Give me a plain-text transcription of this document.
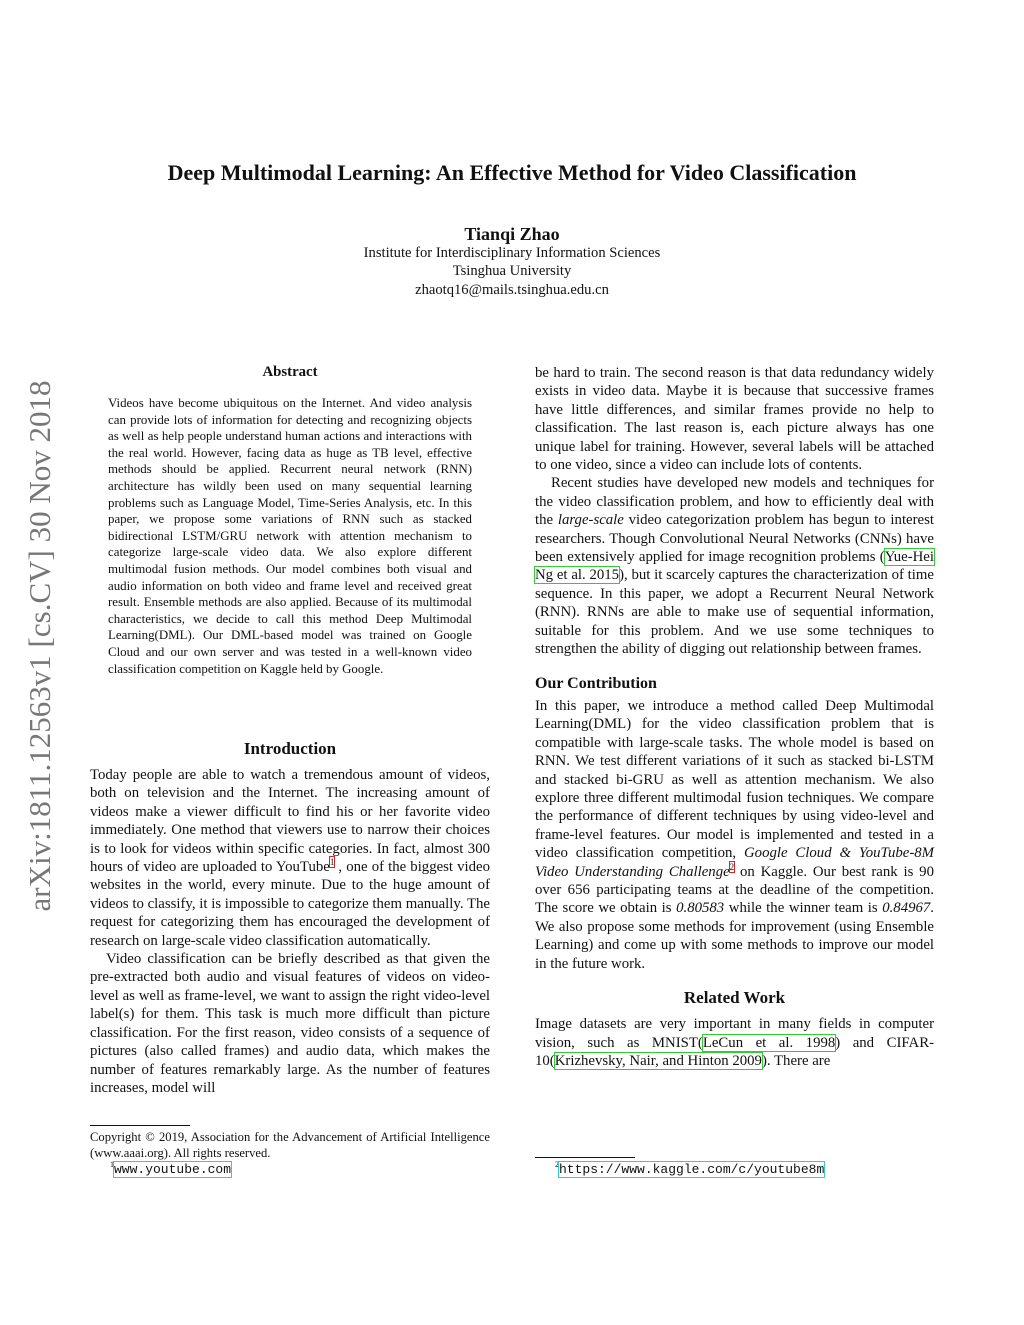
arXiv:1811.12563v1 [cs.CV] 30 Nov 2018
Deep Multimodal Learning: An Effective Method for Video Classification
Tianqi Zhao
Institute for Interdisciplinary Information Sciences
Tsinghua University
zhaotq16@mails.tsinghua.edu.cn
Abstract
Videos have become ubiquitous on the Internet. And video analysis can provide lots of information for detecting and recognizing objects as well as help people understand human actions and interactions with the real world. However, facing data as huge as TB level, effective methods should be applied. Recurrent neural network (RNN) architecture has wildly been used on many sequential learning problems such as Language Model, Time-Series Analysis, etc. In this paper, we propose some variations of RNN such as stacked bidirectional LSTM/GRU network with attention mechanism to categorize large-scale video data. We also explore different multimodal fusion methods. Our model combines both visual and audio information on both video and frame level and received great result. Ensemble methods are also applied. Because of its multimodal characteristics, we decide to call this method Deep Multimodal Learning(DML). Our DML-based model was trained on Google Cloud and our own server and was tested in a well-known video classification competition on Kaggle held by Google.
Introduction

Today people are able to watch a tremendous amount of videos, both on television and the Internet. The increasing amount of videos make a viewer difficult to find his or her favorite video immediately. One method that viewers use to narrow their choices is to look for videos within specific categories. In fact, almost 300 hours of video are uploaded to YouTube$^1$ , one of the biggest video websites in the world, every minute. Due to the huge amount of videos to classify, it is impossible to categorize them manually. The request for categorizing them has encouraged the development of research on large-scale video classification automatically.

Video classification can be briefly described as that given the pre-extracted both audio and visual features of videos on video-level as well as frame-level, we want to assign the right video-level label(s) for them. This task is much more difficult than picture classification. For the first reason, video consists of a sequence of pictures (also called frames) and audio data, which makes the number of features remarkably large. As the number of features increases, model will

Copyright © 2019, Association for the Advancement of Artificial Intelligence (www.aaai.org). All rights reserved.
$^1$www.youtube.com

be hard to train. The second reason is that data redundancy widely exists in video data. Maybe it is because that successive frames have little differences, and similar frames provide no help to classification. The last reason is, each picture always has one unique label for training. However, several labels will be attached to one video, since a video can include lots of contents.

Recent studies have developed new models and techniques for the video classification problem, and how to efficiently deal with the large-scale video categorization problem has begun to interest researchers. Though Convolutional Neural Networks (CNNs) have been extensively applied for image recognition problems (Yue-Hei Ng et al. 2015), but it scarcely captures the characterization of time sequence. In this paper, we adopt a Recurrent Neural Network (RNN). RNNs are able to make use of sequential information, suitable for this problem. And we use some techniques to strengthen the ability of digging out relationship between frames.

Our Contribution

In this paper, we introduce a method called Deep Multimodal Learning(DML) for the video classification problem that is compatible with large-scale tasks. The whole model is based on RNN. We test different variations of it such as stacked bi-LSTM and stacked bi-GRU as well as attention mechanism. We also explore three different multimodal fusion techniques. We compare the performance of different techniques by using video-level and frame-level features. Our model is implemented and tested in a video classification competition, Google Cloud & YouTube-8M Video Understanding Challenge$^2$ on Kaggle. Our best rank is 90 over 656 participating teams at the deadline of the competition. The score we obtain is 0.80583 while the winner team is 0.84967. We also propose some methods for improvement (using Ensemble Learning) and come up with some methods to improve our model in the future work.

Related Work

Image datasets are very important in many fields in computer vision, such as MNIST(LeCun et al. 1998) and CIFAR-10(Krizhevsky, Nair, and Hinton 2009). There are

$^2$https://www.kaggle.com/c/youtube8m
